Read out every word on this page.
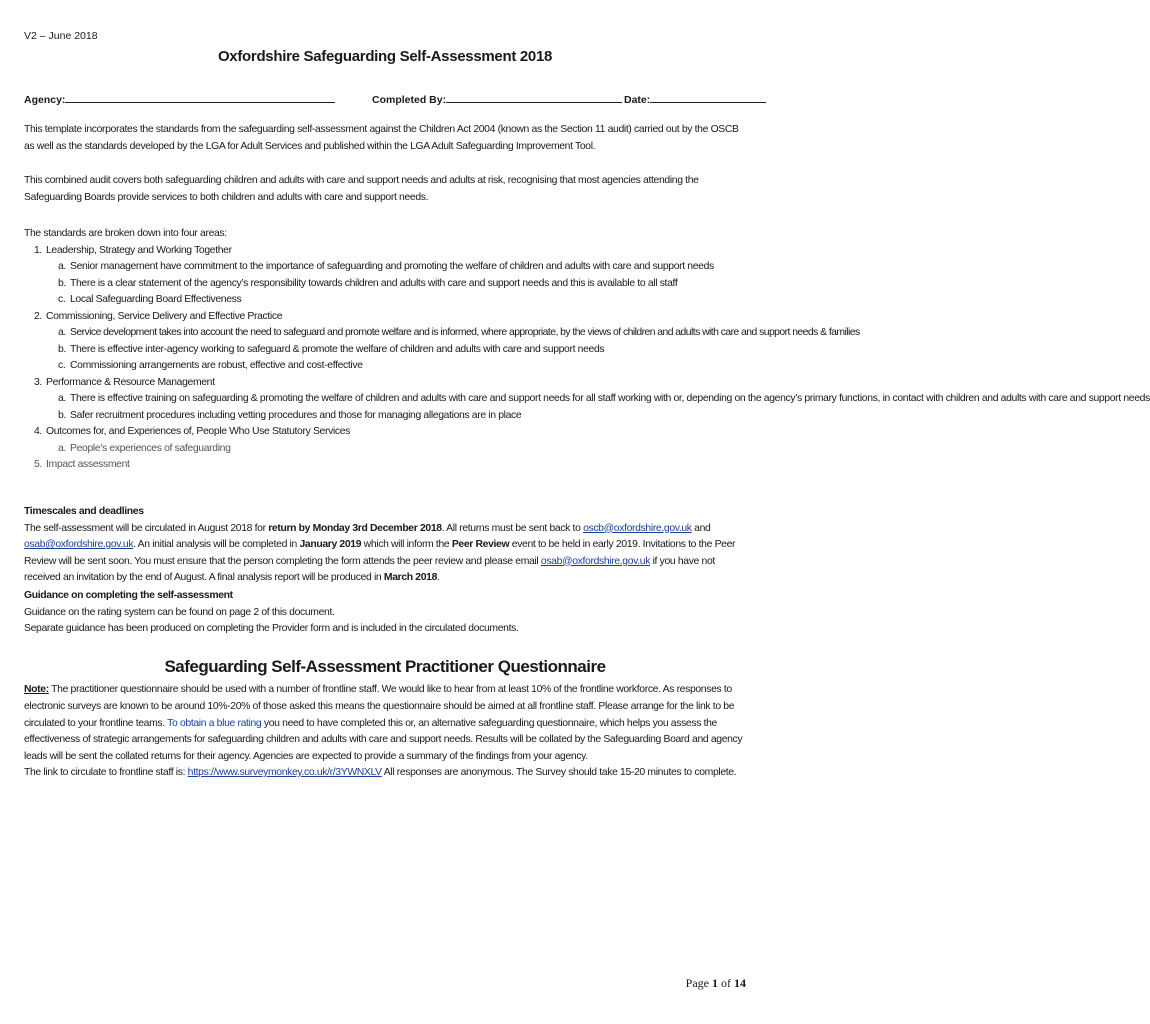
V2 – June 2018
Oxfordshire Safeguarding Self-Assessment 2018
Agency:	Completed By:	Date:
This template incorporates the standards from the safeguarding self-assessment against the Children Act 2004 (known as the Section 11 audit) carried out by the OSCB as well as the standards developed by the LGA for Adult Services and published within the LGA Adult Safeguarding Improvement Tool.
This combined audit covers both safeguarding children and adults with care and support needs and adults at risk, recognising that most agencies attending the Safeguarding Boards provide services to both children and adults with care and support needs.
The standards are broken down into four areas:
1. Leadership, Strategy and Working Together
a. Senior management have commitment to the importance of safeguarding and promoting the welfare of children and adults with care and support needs
b. There is a clear statement of the agency’s responsibility towards children and adults with care and support needs and this is available to all staff
c. Local Safeguarding Board Effectiveness
2. Commissioning, Service Delivery and Effective Practice
a. Service development takes into account the need to safeguard and promote welfare and is informed, where appropriate, by the views of children and adults with care and support needs & families
b. There is effective inter-agency working to safeguard & promote the welfare of children and adults with care and support needs
c. Commissioning arrangements are robust, effective and cost-effective
3. Performance & Resource Management
a. There is effective training on safeguarding & promoting the welfare of children and adults with care and support needs for all staff working with or, depending on the agency’s primary functions, in contact with children and adults with care and support needs
b. Safer recruitment procedures including vetting procedures and those for managing allegations are in place
4. Outcomes for, and Experiences of, People Who Use Statutory Services
a. People’s experiences of safeguarding
5. Impact assessment
Timescales and deadlines
The self-assessment will be circulated in August 2018 for return by Monday 3rd December 2018. All returns must be sent back to oscb@oxfordshire.gov.uk and osab@oxfordshire.gov.uk. An initial analysis will be completed in January 2019 which will inform the Peer Review event to be held in early 2019. Invitations to the Peer Review will be sent soon. You must ensure that the person completing the form attends the peer review and please email osab@oxfordshire.gov.uk if you have not received an invitation by the end of August. A final analysis report will be produced in March 2018.
Guidance on completing the self-assessment
Guidance on the rating system can be found on page 2 of this document.
Separate guidance has been produced on completing the Provider form and is included in the circulated documents.
Safeguarding Self-Assessment Practitioner Questionnaire
Note: The practitioner questionnaire should be used with a number of frontline staff. We would like to hear from at least 10% of the frontline workforce. As responses to electronic surveys are known to be around 10%-20% of those asked this means the questionnaire should be aimed at all frontline staff. Please arrange for the link to be circulated to your frontline teams. To obtain a blue rating you need to have completed this or, an alternative safeguarding questionnaire, which helps you assess the effectiveness of strategic arrangements for safeguarding children and adults with care and support needs. Results will be collated by the Safeguarding Board and agency leads will be sent the collated returns for their agency. Agencies are expected to provide a summary of the findings from your agency.
The link to circulate to frontline staff is: https://www.surveymonkey.co.uk/r/3YWNXLV All responses are anonymous. The Survey should take 15-20 minutes to complete.
Page 1 of 14
